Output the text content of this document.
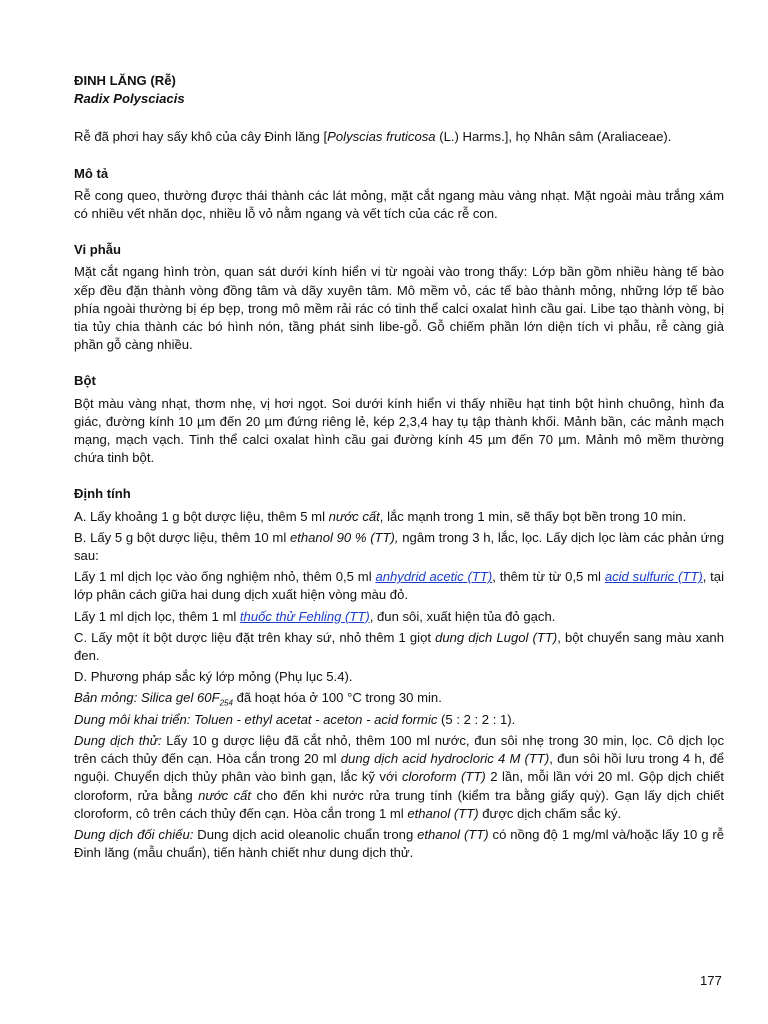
ĐINH LĂNG (Rễ)
Radix Polysciacis

Rễ đã phơi hay sấy khô của cây Đinh lăng [Polyscias fruticosa (L.) Harms.], họ Nhân sâm (Araliaceae).

Mô tả

Rễ cong queo, thường được thái thành các lát mỏng, mặt cắt ngang màu vàng nhạt. Mặt ngoài màu trắng xám có nhiều vết nhăn dọc, nhiều lỗ vỏ nằm ngang và vết tích của các rễ con.

Vi phẫu

Mặt cắt ngang hình tròn, quan sát dưới kính hiển vi từ ngoài vào trong thấy: Lớp bần gồm nhiều hàng tế bào xếp đều đặn thành vòng đồng tâm và dãy xuyên tâm. Mô mềm vỏ, các tế bào thành mỏng, những lớp tế bào phía ngoài thường bị ép bẹp, trong mô mềm rải rác có tinh thể calci oxalat hình cầu gai. Libe tạo thành vòng, bị tia tủy chia thành các bó hình nón, tầng phát sinh libe-gỗ. Gỗ chiếm phần lớn diện tích vi phẫu, rễ càng già phần gỗ càng nhiều.

Bột

Bột màu vàng nhạt, thơm nhẹ, vị hơi ngọt. Soi dưới kính hiển vi thấy nhiều hạt tinh bột hình chuông, hình đa giác, đường kính 10 µm đến 20 µm đứng riêng lẻ, kép 2,3,4 hay tụ tập thành khối. Mảnh bần, các mảnh mạch mạng, mạch vạch. Tinh thể calci oxalat hình cầu gai đường kính 45 µm đến 70 µm. Mảnh mô mềm thường chứa tinh bột.

Định tính

A. Lấy khoảng 1 g bột dược liệu, thêm 5 ml nước cất, lắc mạnh trong 1 min, sẽ thấy bọt bền trong 10 min.

B. Lấy 5 g bột dược liệu, thêm 10 ml ethanol 90 % (TT), ngâm trong 3 h, lắc, lọc. Lấy dịch lọc làm các phản ứng sau:

Lấy 1 ml dịch lọc vào ống nghiệm nhỏ, thêm 0,5 ml anhydrid acetic (TT), thêm từ từ 0,5 ml acid sulfuric (TT), tại lớp phân cách giữa hai dung dịch xuất hiện vòng màu đỏ.

Lấy 1 ml dịch lọc, thêm 1 ml thuốc thử Fehling (TT), đun sôi, xuất hiện tủa đỏ gạch.

C. Lấy một ít bột dược liệu đặt trên khay sứ, nhỏ thêm 1 giọt dung dịch Lugol (TT), bột chuyển sang màu xanh đen.

D. Phương pháp sắc ký lớp mỏng (Phụ lục 5.4).

Bản mỏng: Silica gel $60F_{254}$ đã hoạt hóa ở 100 °C trong 30 min.

Dung môi khai triển: Toluen - ethyl acetat - aceton - acid formic (5 : 2 : 2 : 1).

Dung dịch thử: Lấy 10 g dược liệu đã cắt nhỏ, thêm 100 ml nước, đun sôi nhẹ trong 30 min, lọc. Cô dịch lọc trên cách thủy đến cạn. Hòa cắn trong 20 ml dung dịch acid hydrocloric 4 M (TT), đun sôi hồi lưu trong 4 h, để nguội. Chuyển dịch thủy phân vào bình gạn, lắc kỹ với cloroform (TT) 2 lần, mỗi lần với 20 ml. Gộp dịch chiết cloroform, rửa bằng nước cất cho đến khi nước rửa trung tính (kiểm tra bằng giấy quỳ). Gạn lấy dịch chiết cloroform, cô trên cách thủy đến cạn. Hòa cắn trong 1 ml ethanol (TT) được dịch chấm sắc ký.

Dung dịch đối chiếu: Dung dịch acid oleanolic chuẩn trong ethanol (TT) có nồng độ 1 mg/ml và/hoặc lấy 10 g rễ Đinh lăng (mẫu chuẩn), tiến hành chiết như dung dịch thử.

177
